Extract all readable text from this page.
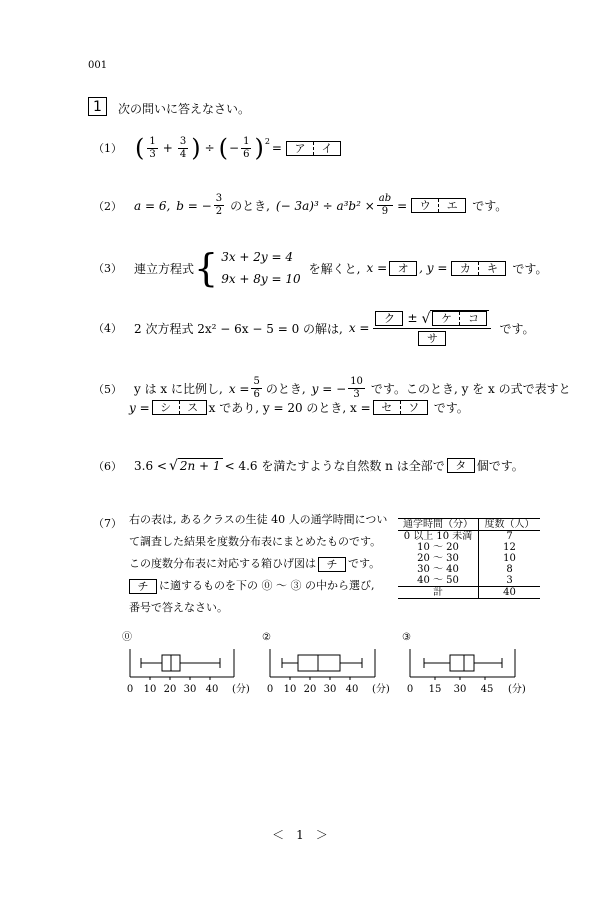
001
1	次の問いに答えなさい。
（1） ( $\frac{1}{3} + \frac{3}{4}$ ) ÷ ( − $\frac{1}{6}$ ) 2 =	ア	イ
（2） a = 6, b = − $\frac{3}{2}$ のとき, (− $3a)^3 \div a^3b^2 \times \frac{ab}{9}$ =	ウ	エ	です。
（3） 連立方程式 { 3x + 2y = 4
9x + 8y = 10
を解くと, x = オ , y =	カ	キ	です。
（4） 2 次方程式 2x² − 6x − 5 = 0 の解は, x =
ク	± √ ケ	コ
サ
です。
（5） y は x に比例し, $x = \frac{5}{6}$ のとき, y = − $\frac{10}{3}$ です。このとき, y を x の式で表すと
y = シ	ス x であり, y = 20 のとき, x = セ	ソ	です。
（6） 3.6 < √ 2n + 1 < 4.6 を満たすような自然数 n は全部で タ 個です。
（7） 右の表は, あるクラスの生徒 40 人の通学時間につい
て調査した結果を度数分布表にまとめたものです。
この度数分布表に対応する箱ひげ図は チ です。
チ に適するものを下の ⓪ 〜 ③ の中から選び,
番号で答えなさい。
通学時間（分）	度数（人）
0 以上 10 未満	7
10 〜 20	12
20 〜 30	10
30 〜 40	8
40 〜 50	3
計	40
⓪
0 10 20 30 40 (分)
②
0 10 20 30 40 (分)
③
0 15 30 45 (分)
＜　1　＞
